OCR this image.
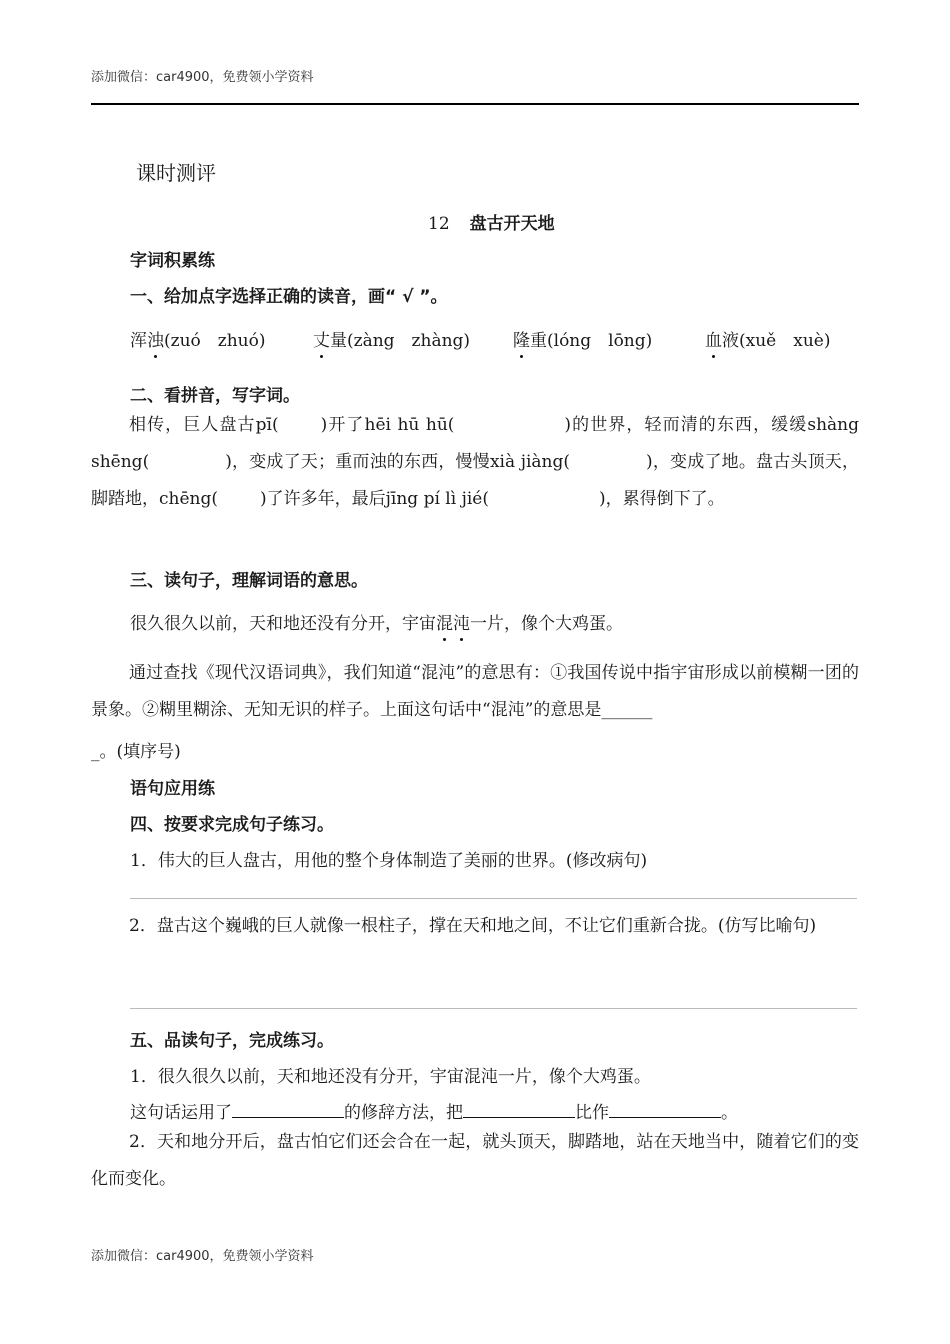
添加微信：car4900，免费领小学资料
课时测评
12 盘古开天地
字词积累练
一、给加点字选择正确的读音，画“ √ ”。
浑浊(zuó　zhuó)	丈量(zàng　zhàng)	隆重(lóng　lōng)	血液(xuě　xuè)
二、看拼音，写字词。
相传，巨人盘古pī( )开了hēi hū hū(	)的世界，轻而清的东西，缓缓shàng shēng(	)，变成了天；重而浊的东西，慢慢xià jiàng(	)，变成了地。盘古头顶天，脚踏地，chēng( )了许多年，最后jīng pí lì jié(	)，累得倒下了。
三、读句子，理解词语的意思。
很久很久以前，天和地还没有分开，宇宙混沌一片，像个大鸡蛋。
通过查找《现代汉语词典》，我们知道“混沌”的意思有：①我国传说中指宇宙形成以前模糊一团的景象。②糊里糊涂、无知无识的样子。上面这句话中“混沌”的意思是______
_。(填序号)
语句应用练
四、按要求完成句子练习。
1．伟大的巨人盘古，用他的整个身体制造了美丽的世界。(修改病句)
2．盘古这个巍峨的巨人就像一根柱子，撑在天和地之间，不让它们重新合拢。(仿写比喻句)
五、品读句子，完成练习。
1．很久很久以前，天和地还没有分开，宇宙混沌一片，像个大鸡蛋。
这句话运用了	的修辞方法，把	比作	。
2．天和地分开后，盘古怕它们还会合在一起，就头顶天，脚踏地，站在天地当中，随着它们的变化而变化。
添加微信：car4900，免费领小学资料
